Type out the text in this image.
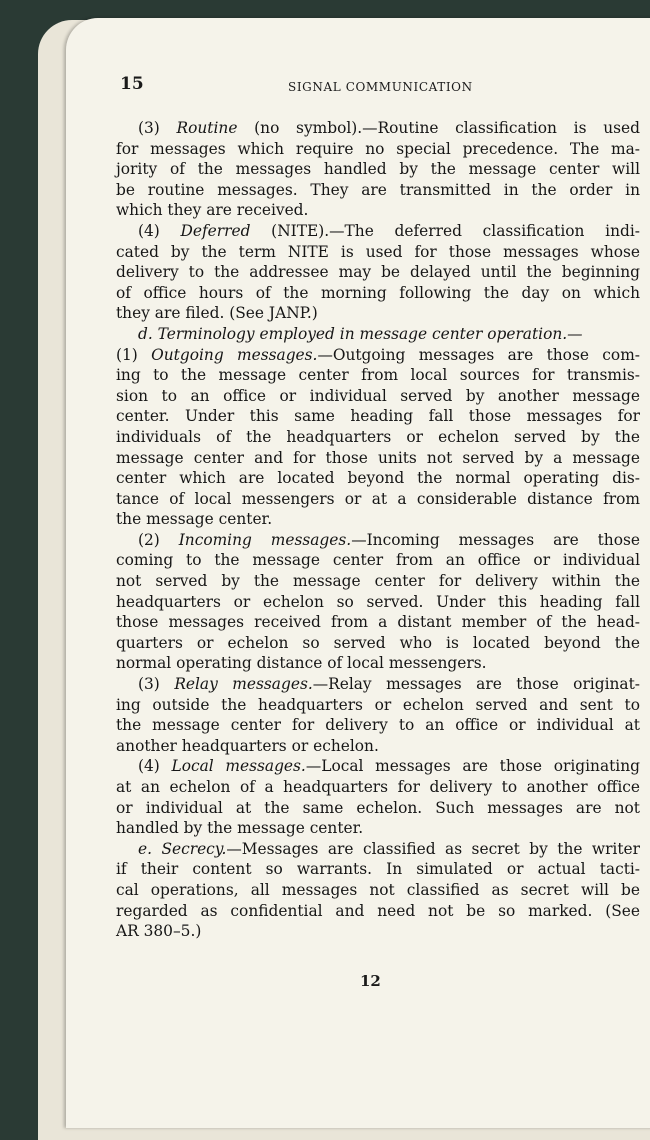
15	SIGNAL COMMUNICATION
(3) Routine (no symbol).—Routine classification is used
for messages which require no special precedence. The ma-
jority of the messages handled by the message center will
be routine messages. They are transmitted in the order in
which they are received.
(4) Deferred (NITE).—The deferred classification indi-
cated by the term NITE is used for those messages whose
delivery to the addressee may be delayed until the beginning
of office hours of the morning following the day on which
they are filed. (See JANP.)
d. Terminology employed in message center operation.—
(1) Outgoing messages.—Outgoing messages are those com-
ing to the message center from local sources for transmis-
sion to an office or individual served by another message
center. Under this same heading fall those messages for
individuals of the headquarters or echelon served by the
message center and for those units not served by a message
center which are located beyond the normal operating dis-
tance of local messengers or at a considerable distance from
the message center.
(2) Incoming messages.—Incoming messages are those
coming to the message center from an office or individual
not served by the message center for delivery within the
headquarters or echelon so served. Under this heading fall
those messages received from a distant member of the head-
quarters or echelon so served who is located beyond the
normal operating distance of local messengers.
(3) Relay messages.—Relay messages are those originat-
ing outside the headquarters or echelon served and sent to
the message center for delivery to an office or individual at
another headquarters or echelon.
(4) Local messages.—Local messages are those originating
at an echelon of a headquarters for delivery to another office
or individual at the same echelon. Such messages are not
handled by the message center.
e. Secrecy.—Messages are classified as secret by the writer
if their content so warrants. In simulated or actual tacti-
cal operations, all messages not classified as secret will be
regarded as confidential and need not be so marked. (See
AR 380–5.)
12
